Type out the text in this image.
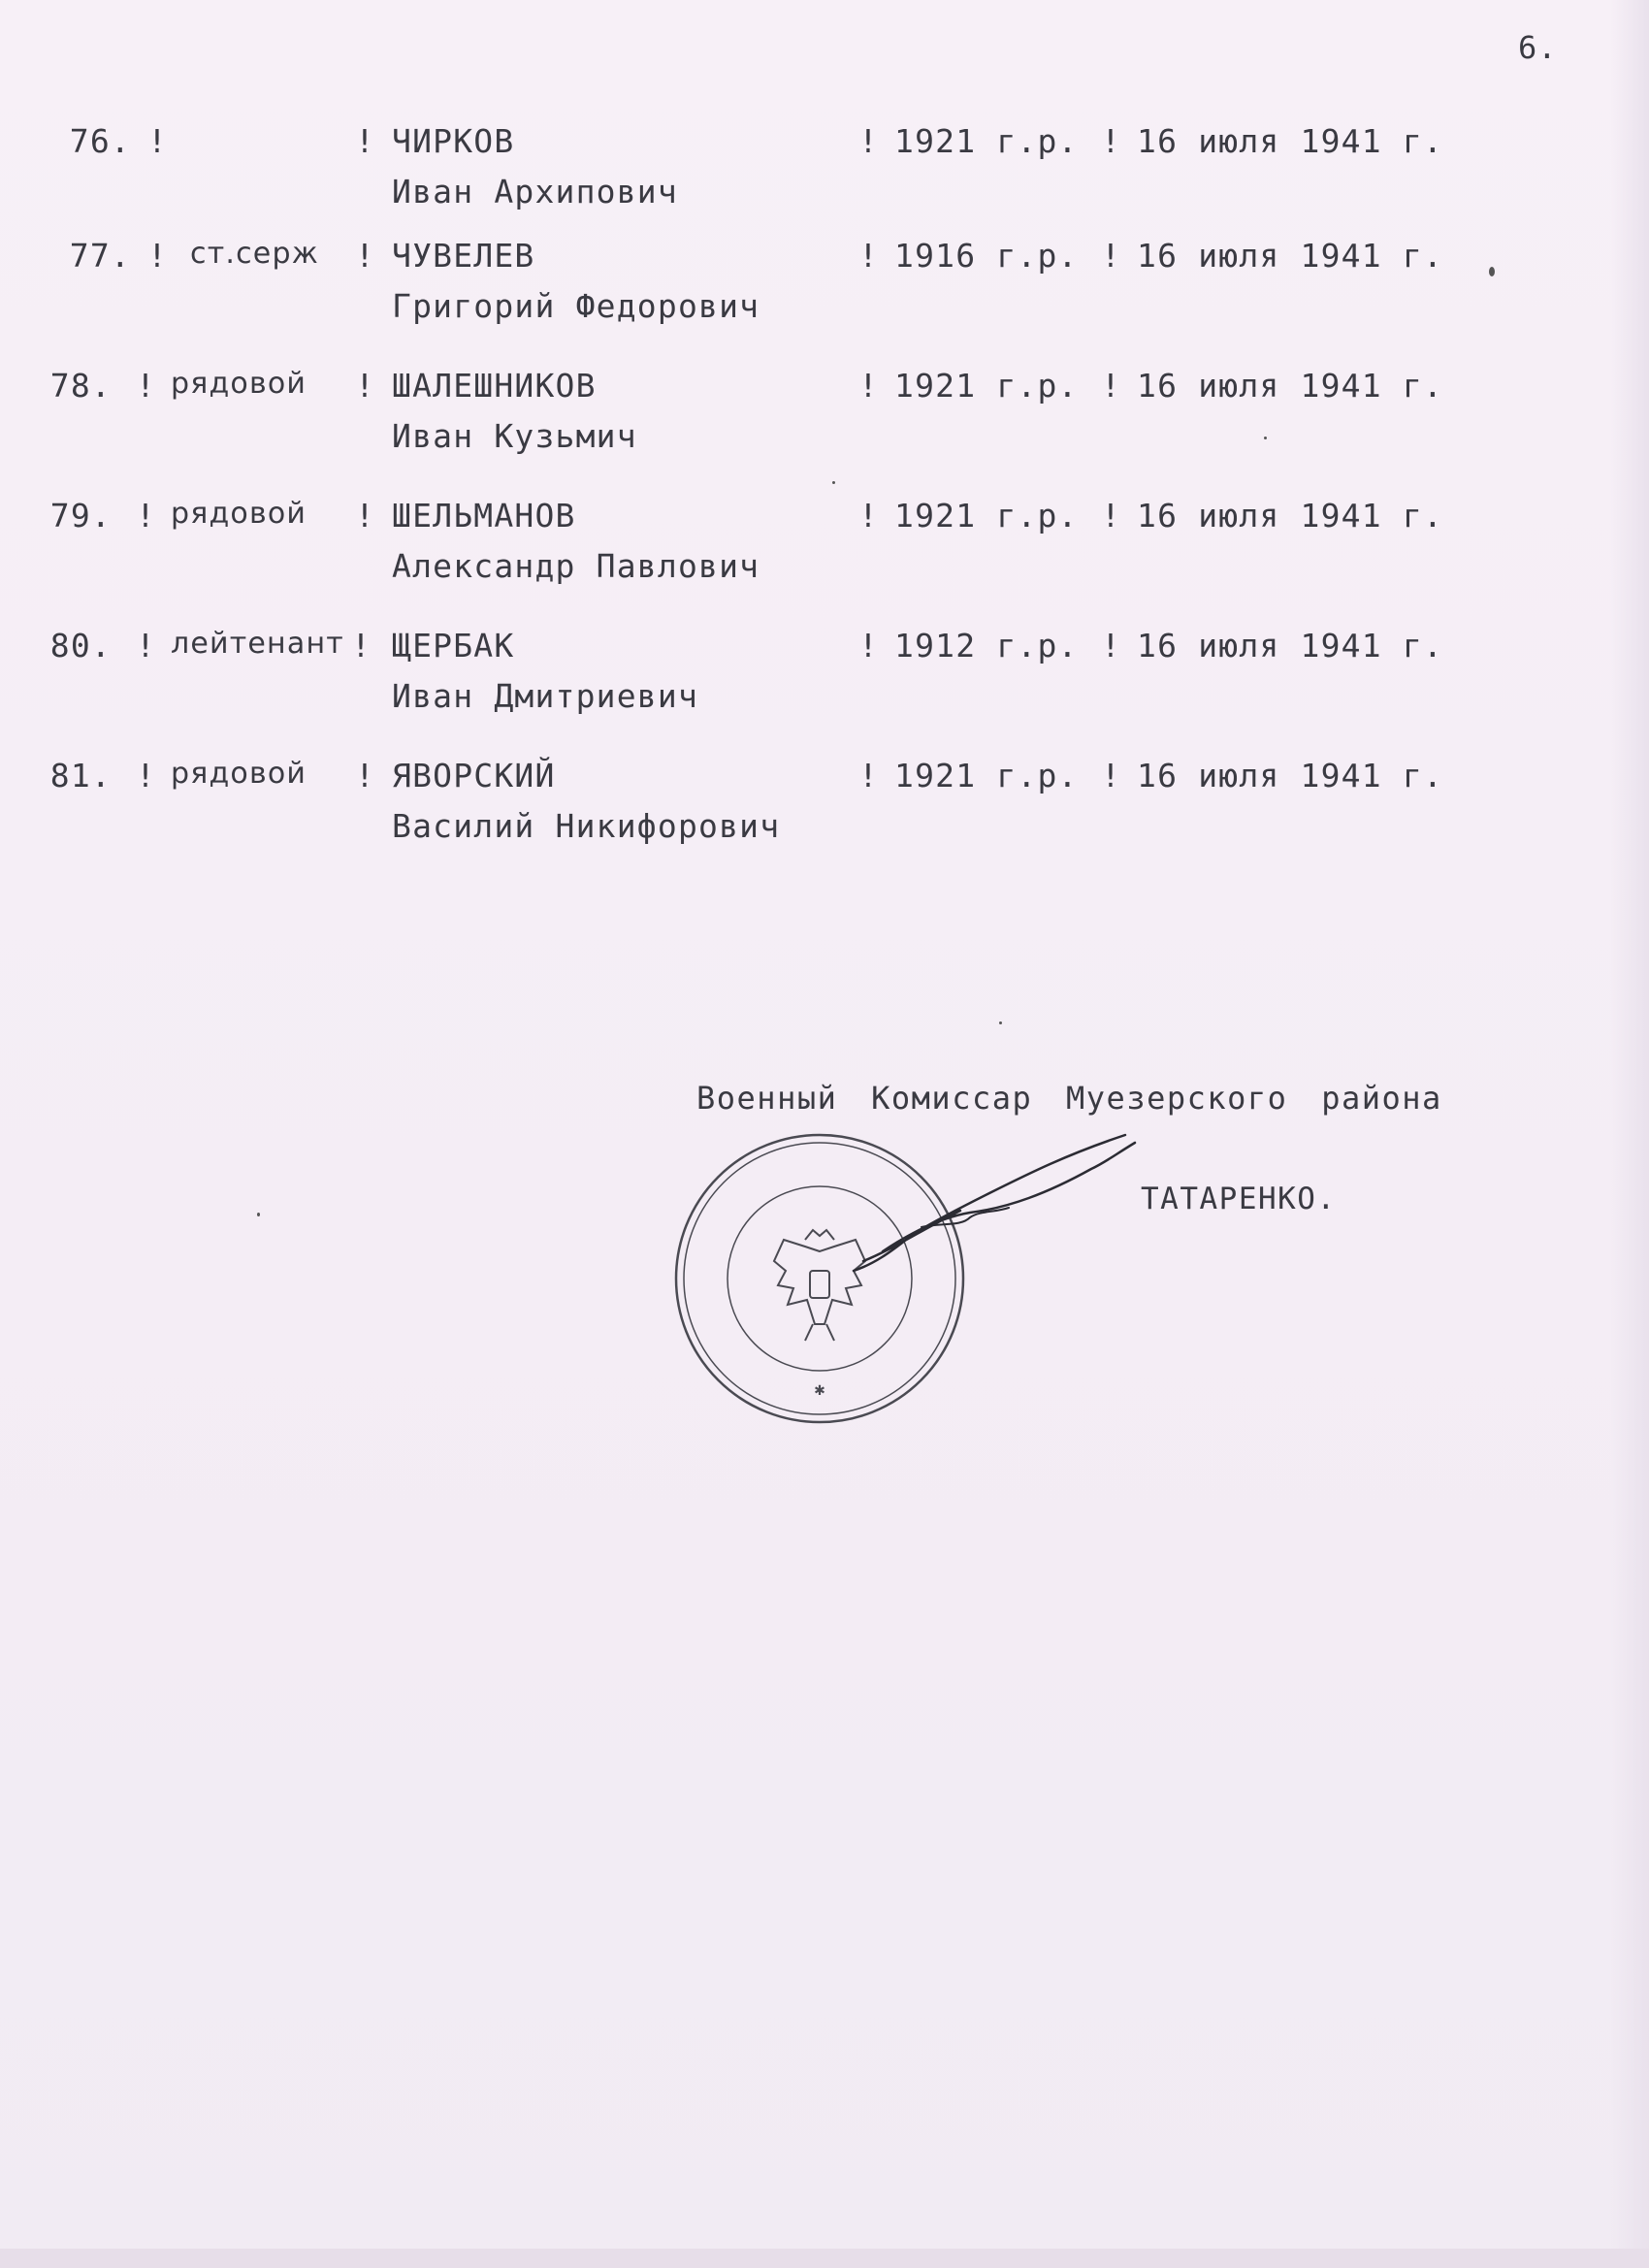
6.
76. !	! ЧИРКОВ
Иван Архипович
! 1921 г.р. ! 16 июля 1941 г.
77. ! ст.серж ! ЧУВЕЛЕВ
Григорий Федорович
! 1916 г.р. ! 16 июля 1941 г.
78. ! рядовой ! ШАЛЕШНИКОВ
Иван Кузьмич
! 1921 г.р. ! 16 июля 1941 г.
79. ! рядовой ! ШЕЛЬМАНОВ
Александр Павлович
! 1921 г.р. ! 16 июля 1941 г.
80. ! лейтенант ! ЩЕРБАК
Иван Дмитриевич
! 1912 г.р. ! 16 июля 1941 г.
81. ! рядовой ! ЯВОРСКИЙ
Василий Никифорович
! 1921 г.р. ! 16 июля 1941 г.
Военный Комиссар Муезерского района
✱
ТАТАРЕНКО.
